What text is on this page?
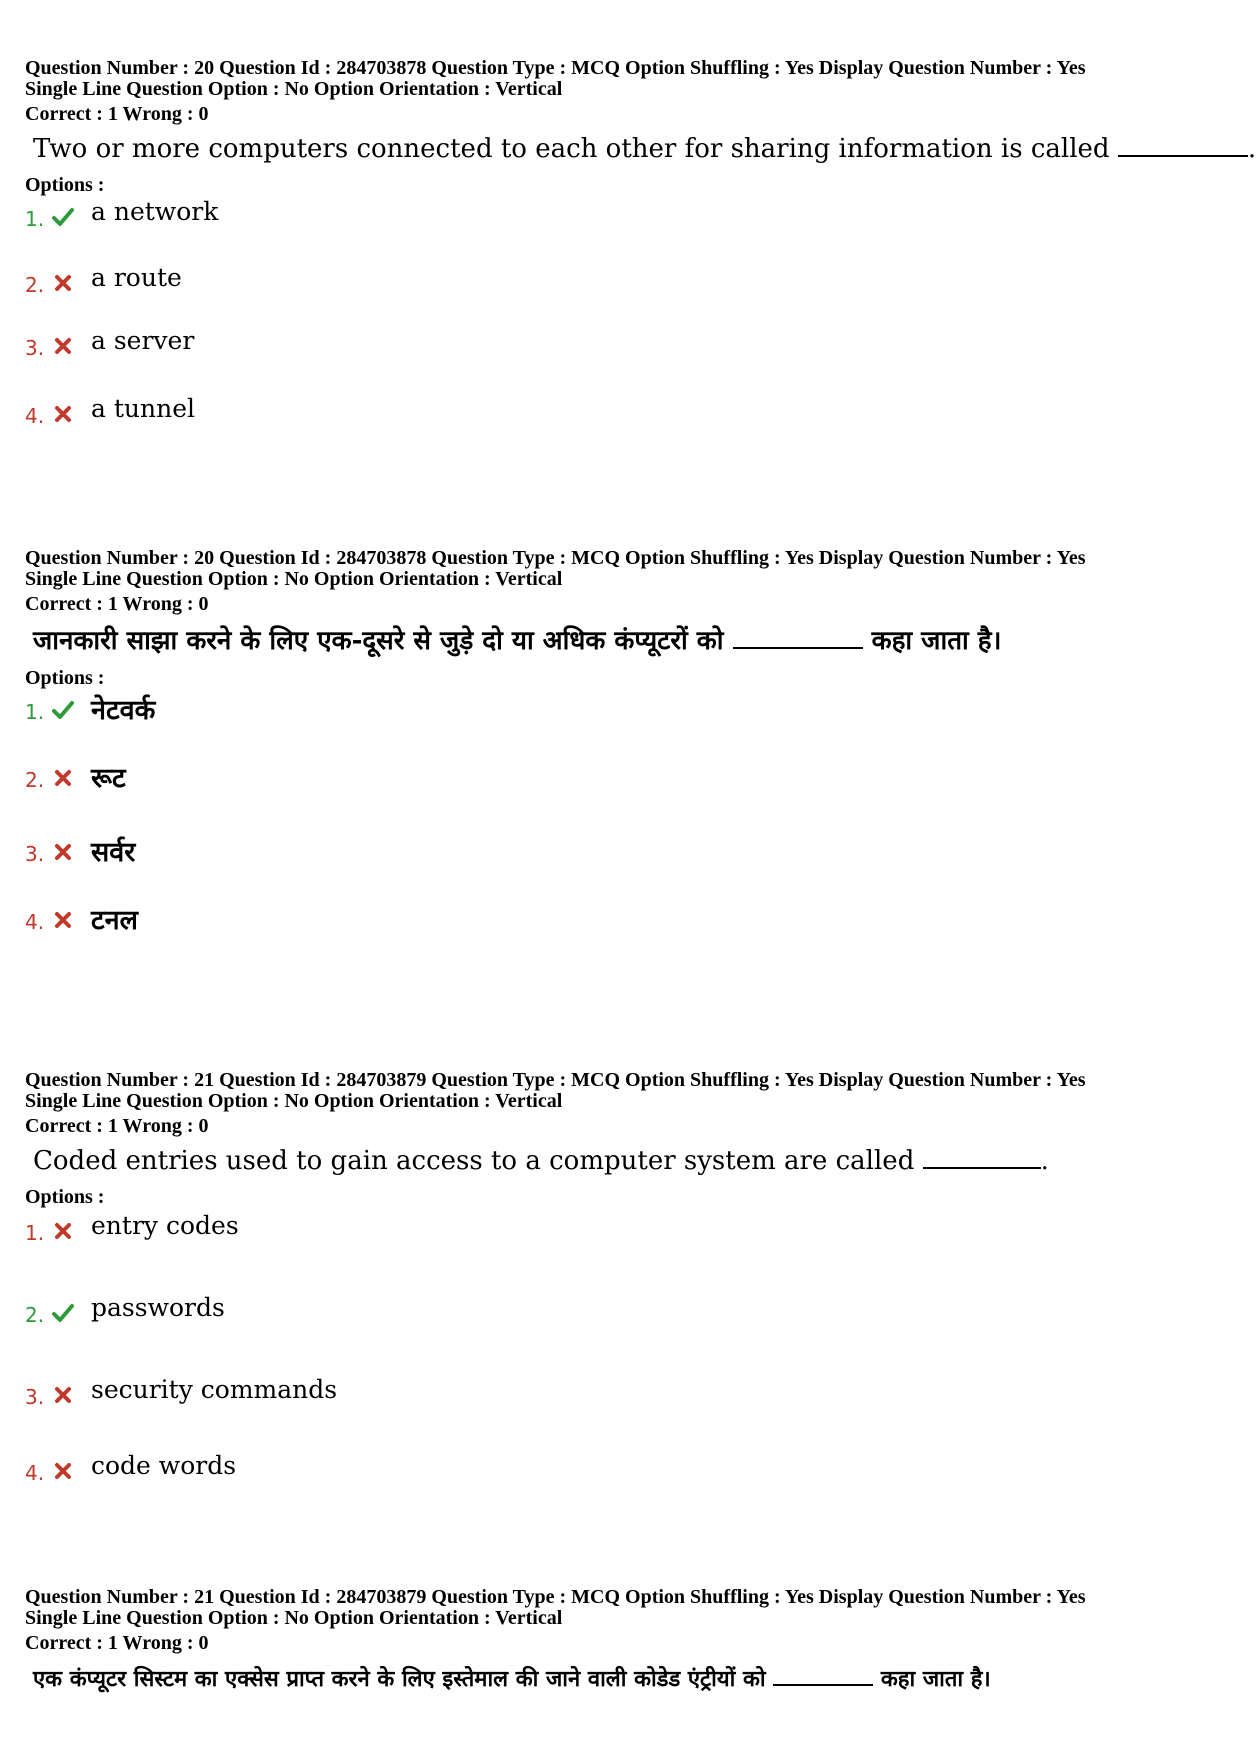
Question Number : 20 Question Id : 284703878 Question Type : MCQ Option Shuffling : Yes Display Question Number : Yes
Single Line Question Option : No Option Orientation : Vertical
Correct : 1 Wrong : 0
Two or more computers connected to each other for sharing information is called	.
Options :
1. a network
2. a route
3. a server
4. a tunnel
Question Number : 20 Question Id : 284703878 Question Type : MCQ Option Shuffling : Yes Display Question Number : Yes
Single Line Question Option : No Option Orientation : Vertical
Correct : 1 Wrong : 0
जानकारी साझा करने के लिए एक-दूसरे से जुड़े दो या अधिक कंप्यूटरों को	कहा जाता है।
Options :
1. नेटवर्क
2. रूट
3. सर्वर
4. टनल
Question Number : 21 Question Id : 284703879 Question Type : MCQ Option Shuffling : Yes Display Question Number : Yes
Single Line Question Option : No Option Orientation : Vertical
Correct : 1 Wrong : 0
Coded entries used to gain access to a computer system are called	.
Options :
1. entry codes
2. passwords
3. security commands
4. code words
Question Number : 21 Question Id : 284703879 Question Type : MCQ Option Shuffling : Yes Display Question Number : Yes
Single Line Question Option : No Option Orientation : Vertical
Correct : 1 Wrong : 0
एक कंप्यूटर सिस्टम का एक्सेस प्राप्त करने के लिए इस्तेमाल की जाने वाली कोडेड एंट्रीयों को	कहा जाता है।
